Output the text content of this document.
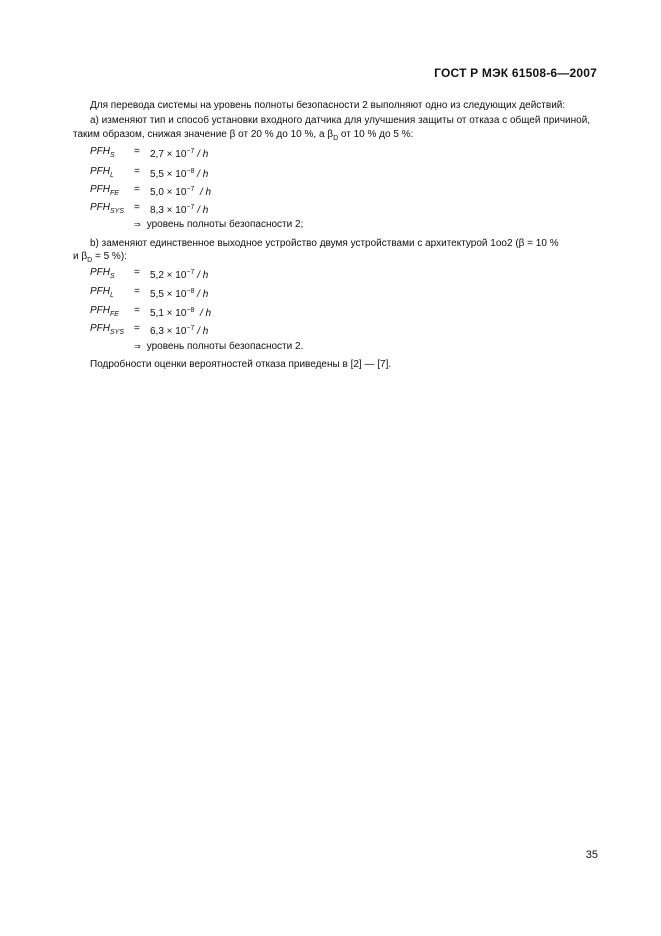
ГОСТ Р МЭК 61508-6—2007
Для перевода системы на уровень полноты безопасности 2 выполняют одно из следующих действий:
а) изменяют тип и способ установки входного датчика для улучшения защиты от отказа с общей причиной,
таким образом, снижая значение β от 20 % до 10 %, а $\beta_D$ от 10 % до 5 %:
$PFH_S = 2,7 \times 10^{-7} / h$
$PFH_L = 5,5 \times 10^{-8} / h$
$PFH_{FE} = 5,0 \times 10^{-7} / h$
$PFH_{SYS} = 8,3 \times 10^{-7} / h$
⇒ уровень полноты безопасности 2;
b) заменяют единственное выходное устройство двумя устройствами с архитектурой 1oo2 (β = 10 %
и $\beta_D = 5$ %):
$PFH_S = 5,2 \times 10^{-7} / h$
$PFH_L = 5,5 \times 10^{-8} / h$
$PFH_{FE} = 5,1 \times 10^{-8} / h$
$PFH_{SYS} = 6,3 \times 10^{-7} / h$
⇒ уровень полноты безопасности 2.
Подробности оценки вероятностей отказа приведены в [2] — [7].
35
